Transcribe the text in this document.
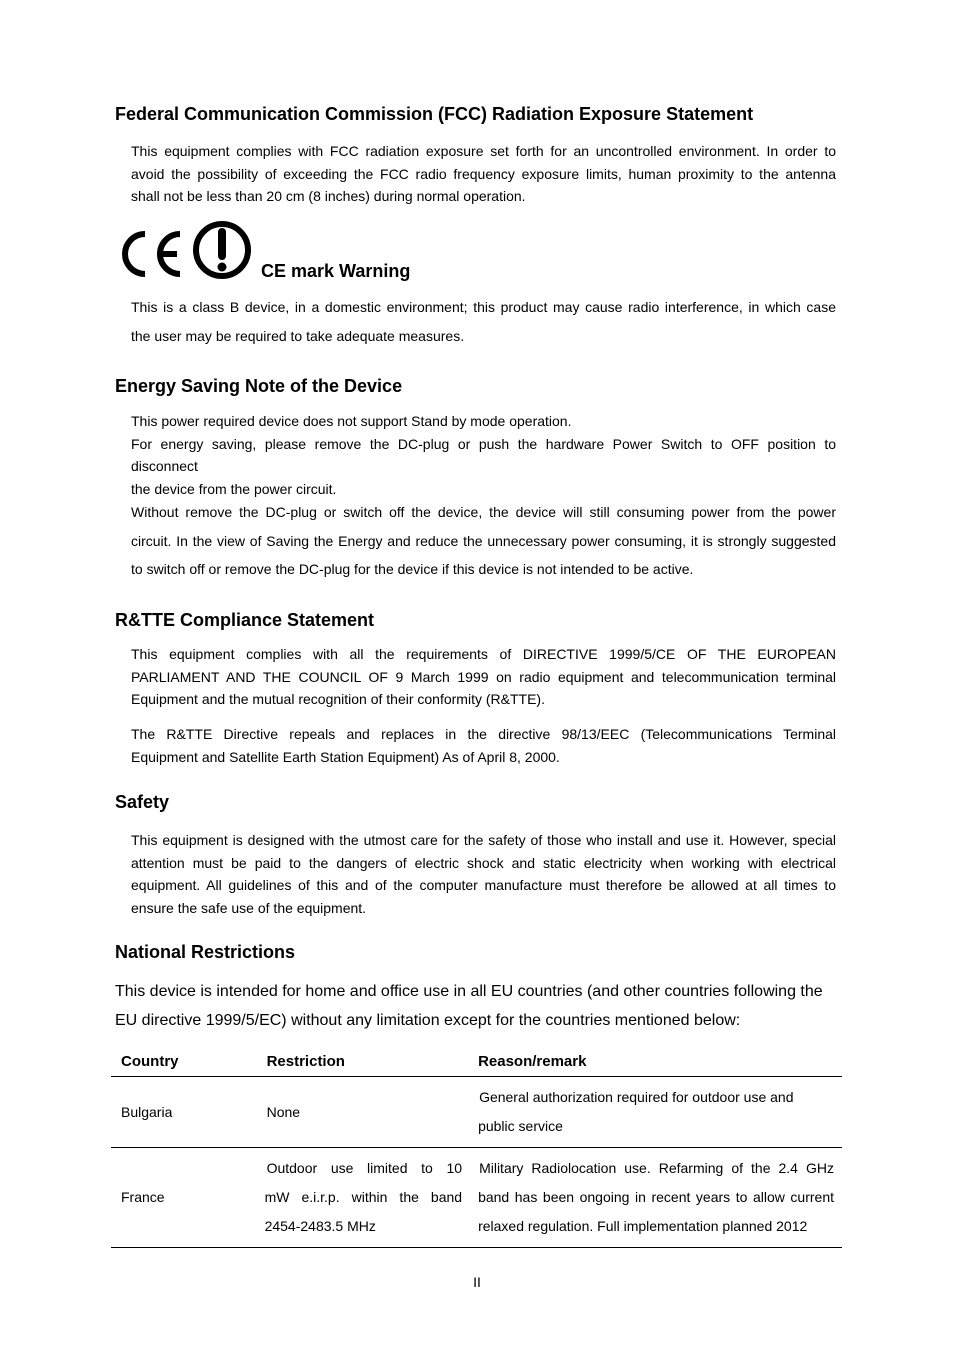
Federal Communication Commission (FCC) Radiation Exposure Statement
This equipment complies with FCC radiation exposure set forth for an uncontrolled environment. In order to
avoid the possibility of exceeding the FCC radio frequency exposure limits, human proximity to the antenna
shall not be less than 20 cm (8 inches) during normal operation.
CE mark Warning
This is a class B device, in a domestic environment; this product may cause radio interference, in which case
the user may be required to take adequate measures.
Energy Saving Note of the Device
This power required device does not support Stand by mode operation.
For energy saving, please remove the DC-plug or push the hardware Power Switch to OFF position to
disconnect
the device from the power circuit.
Without remove the DC-plug or switch off the device, the device will still consuming power from the power
circuit. In the view of Saving the Energy and reduce the unnecessary power consuming, it is strongly suggested
to switch off or remove the DC-plug for the device if this device is not intended to be active.
R&TTE Compliance Statement
This equipment complies with all the requirements of DIRECTIVE 1999/5/CE OF THE EUROPEAN
PARLIAMENT AND THE COUNCIL OF 9 March 1999 on radio equipment and telecommunication terminal
Equipment and the mutual recognition of their conformity (R&TTE).
The R&TTE Directive repeals and replaces in the directive 98/13/EEC (Telecommunications Terminal
Equipment and Satellite Earth Station Equipment) As of April 8, 2000.
Safety
This equipment is designed with the utmost care for the safety of those who install and use it. However, special
attention must be paid to the dangers of electric shock and static electricity when working with electrical
equipment. All guidelines of this and of the computer manufacture must therefore be allowed at all times to
ensure the safe use of the equipment.
National Restrictions
This device is intended for home and office use in all EU countries (and other countries following the
EU directive 1999/5/EC) without any limitation except for the countries mentioned below:
Country	Restriction	Reason/remark
Bulgaria	None	General authorization required for outdoor use and
public service

France	Outdoor use limited to 10
mW e.i.r.p. within the band
2454-2483.5 MHz	Military Radiolocation use. Refarming of the 2.4 GHz
band has been ongoing in recent years to allow current
relaxed regulation. Full implementation planned 2012
II
